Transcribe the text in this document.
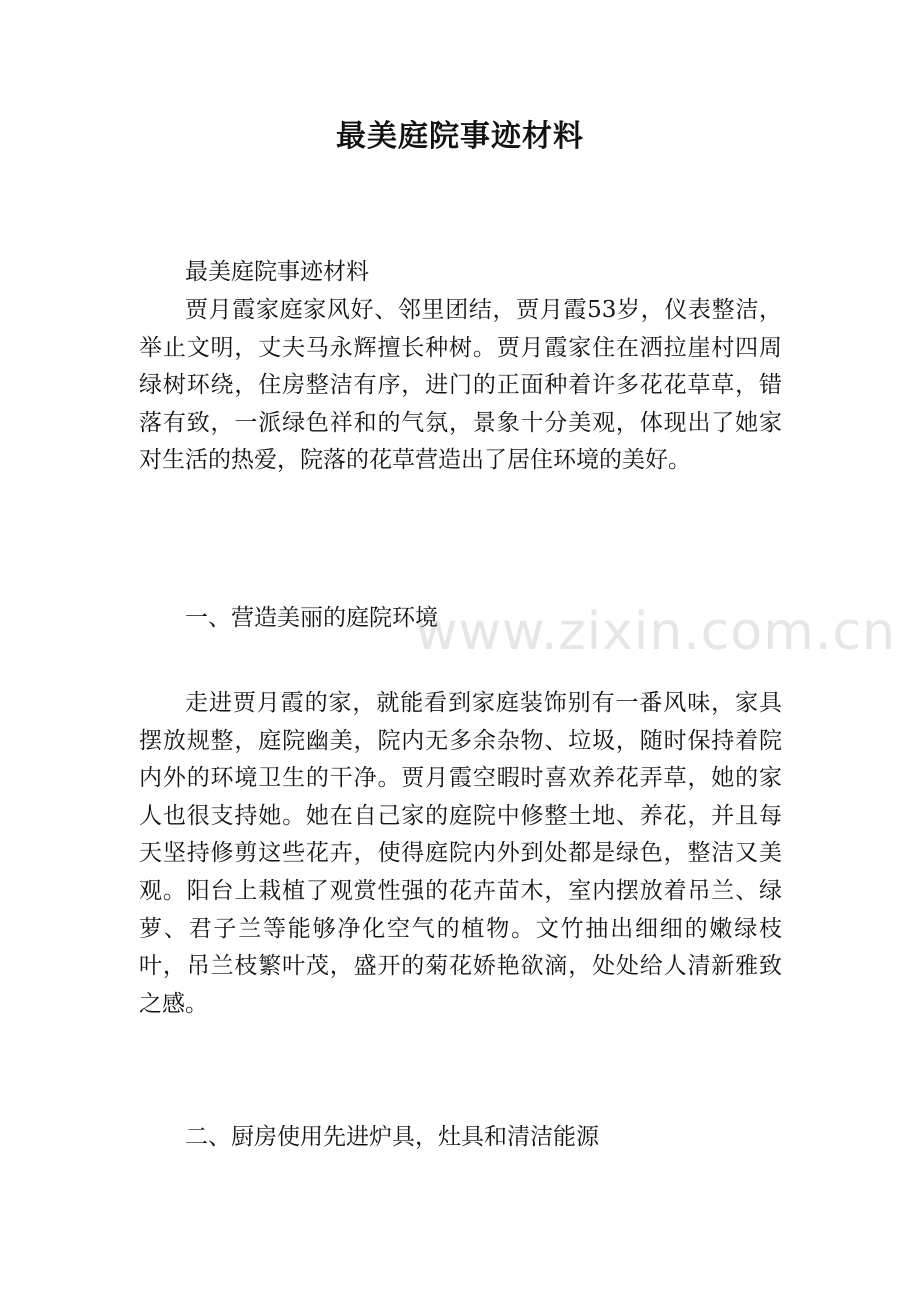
www.zixin.com.cn
最美庭院事迹材料

最美庭院事迹材料

贾月霞家庭家风好、邻里团结，贾月霞53岁，仪表整洁，举止文明，丈夫马永辉擅长种树。贾月霞家住在洒拉崖村四周绿树环绕，住房整洁有序，进门的正面种着许多花花草草，错落有致，一派绿色祥和的气氛，景象十分美观，体现出了她家对生活的热爱，院落的花草营造出了居住环境的美好。

一、营造美丽的庭院环境

走进贾月霞的家，就能看到家庭装饰别有一番风味，家具摆放规整，庭院幽美，院内无多余杂物、垃圾，随时保持着院内外的环境卫生的干净。贾月霞空暇时喜欢养花弄草，她的家人也很支持她。她在自己家的庭院中修整土地、养花，并且每天坚持修剪这些花卉，使得庭院内外到处都是绿色，整洁又美观。阳台上栽植了观赏性强的花卉苗木，室内摆放着吊兰、绿萝、君子兰等能够净化空气的植物。文竹抽出细细的嫩绿枝叶，吊兰枝繁叶茂，盛开的菊花娇艳欲滴，处处给人清新雅致之感。

二、厨房使用先进炉具，灶具和清洁能源
